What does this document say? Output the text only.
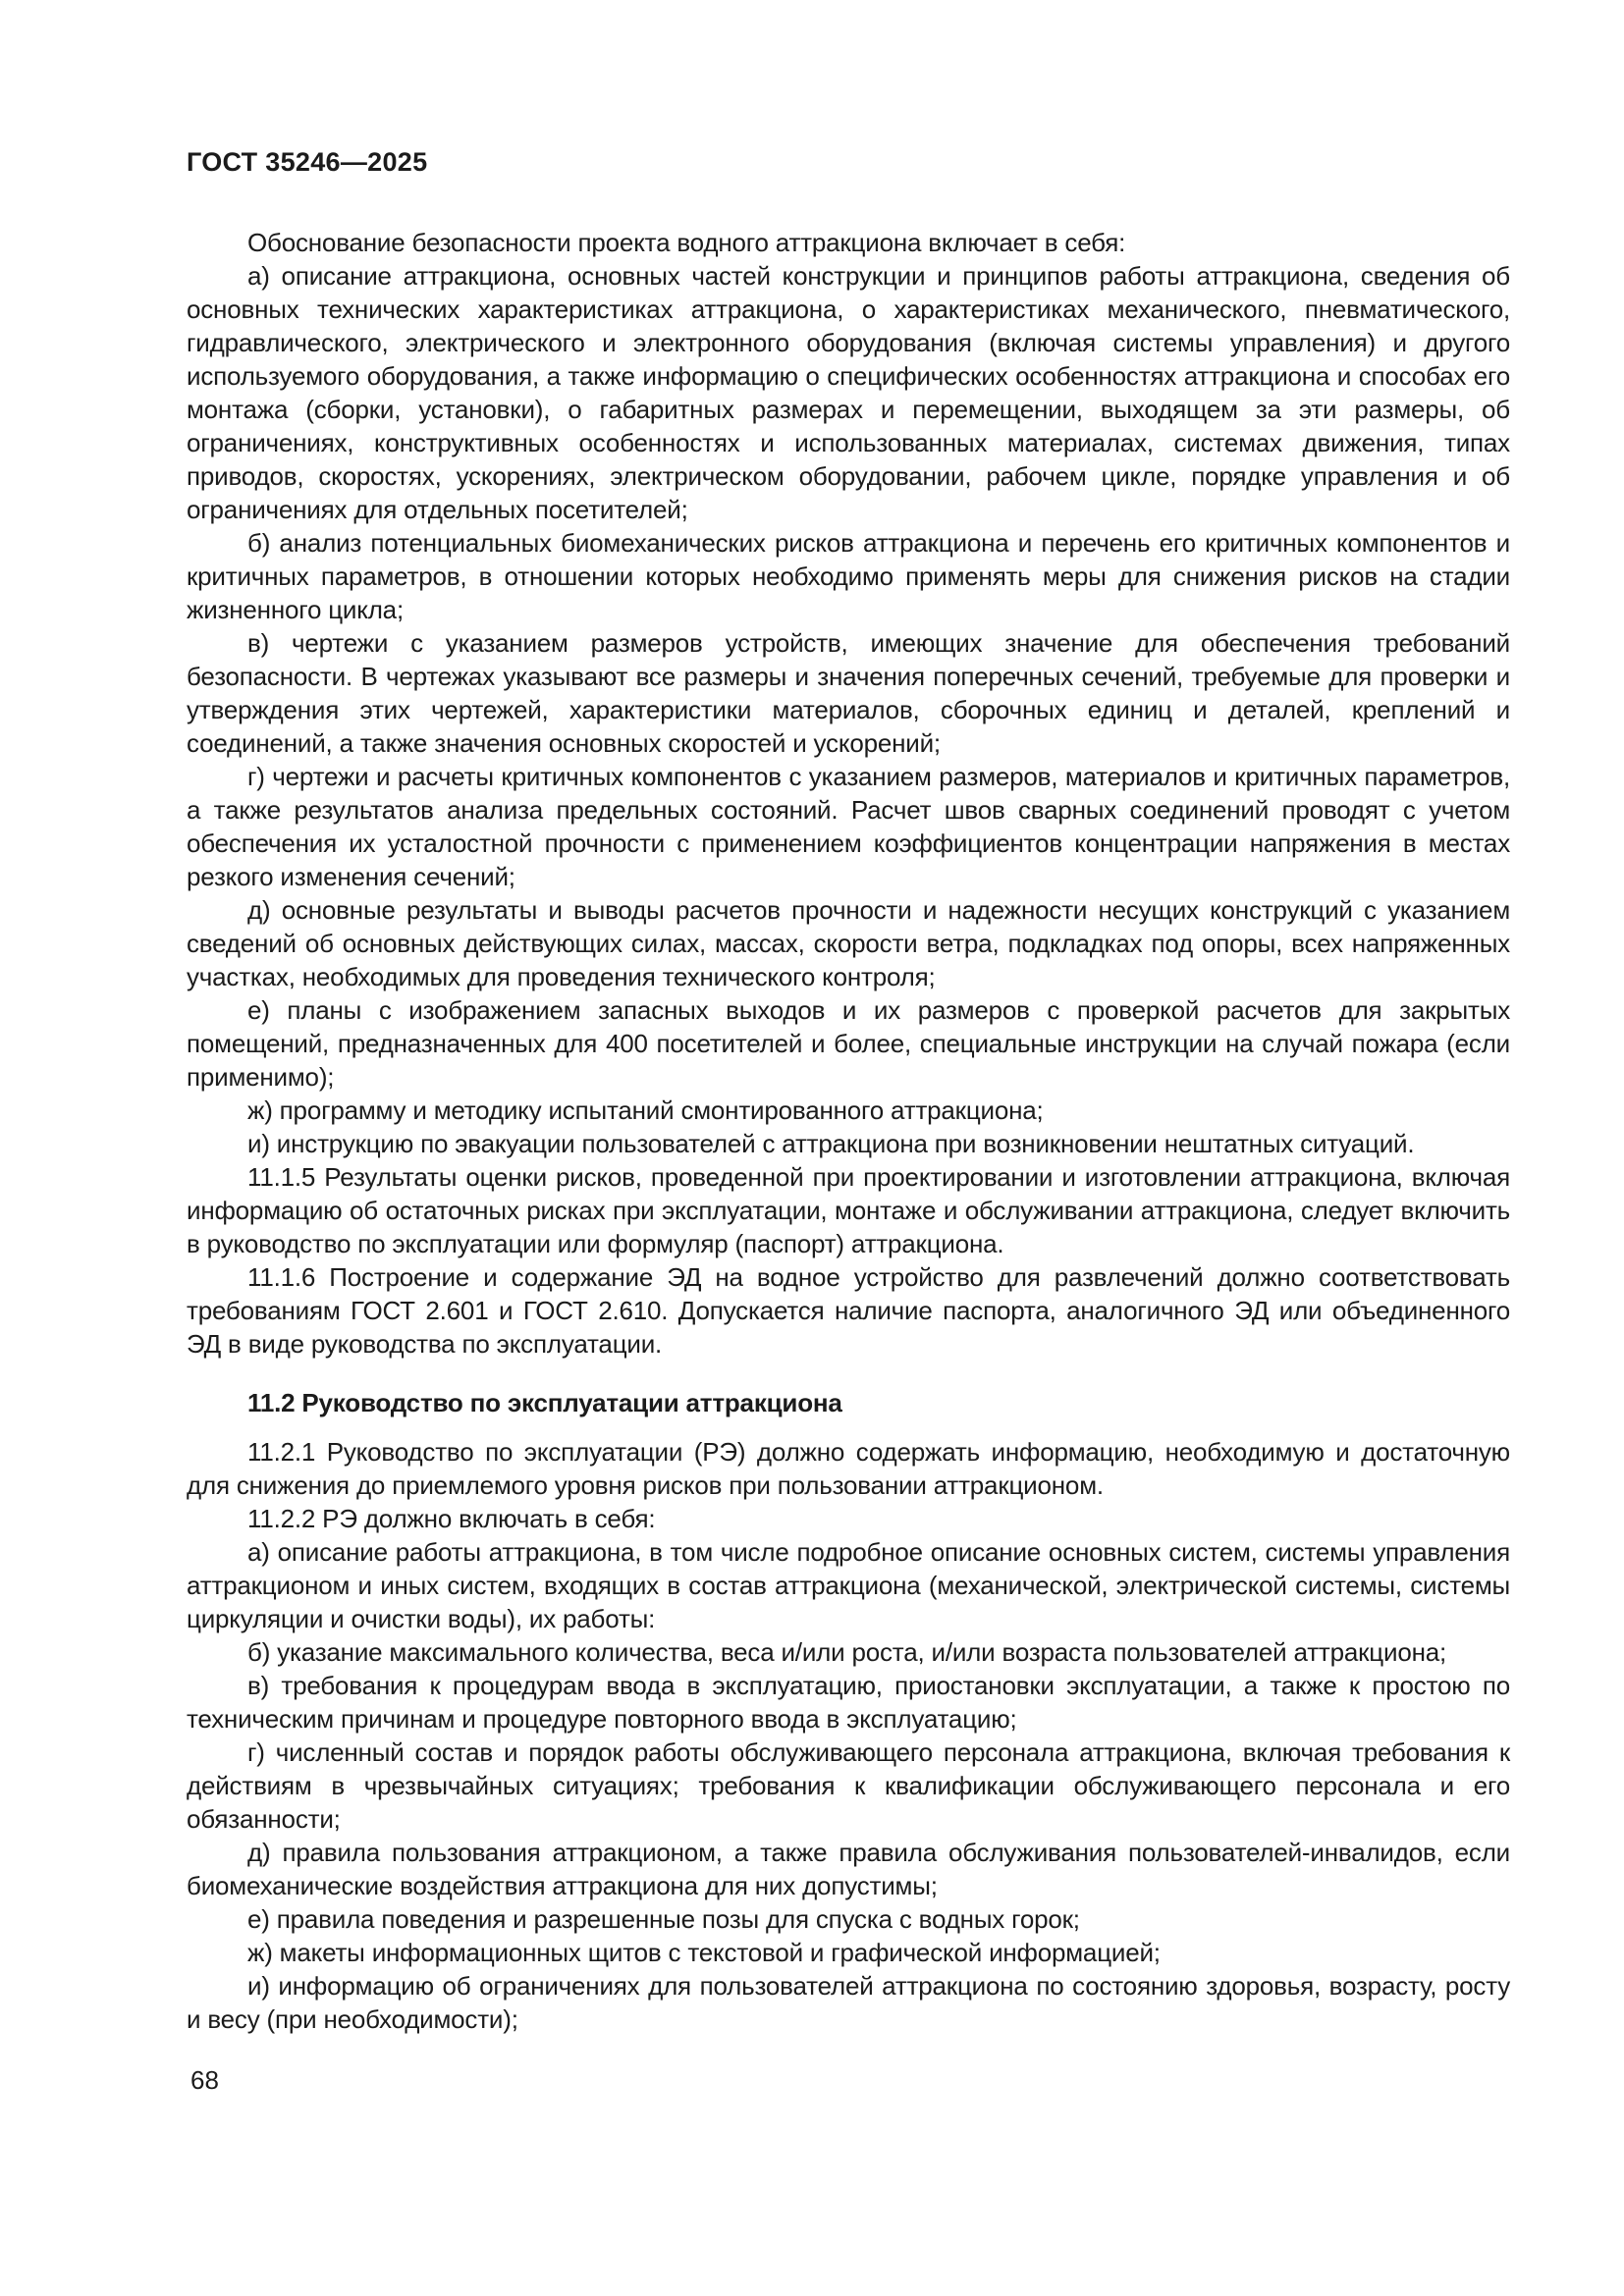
ГОСТ 35246—2025

Обоснование безопасности проекта водного аттракциона включает в себя:

а) описание аттракциона, основных частей конструкции и принципов работы аттракциона, сведения об основных технических характеристиках аттракциона, о характеристиках механического, пневматического, гидравлического, электрического и электронного оборудования (включая системы управления) и другого используемого оборудования, а также информацию о специфических особенностях аттракциона и способах его монтажа (сборки, установки), о габаритных размерах и перемещении, выходящем за эти размеры, об ограничениях, конструктивных особенностях и использованных материалах, системах движения, типах приводов, скоростях, ускорениях, электрическом оборудовании, рабочем цикле, порядке управления и об ограничениях для отдельных посетителей;

б) анализ потенциальных биомеханических рисков аттракциона и перечень его критичных компонентов и критичных параметров, в отношении которых необходимо применять меры для снижения рисков на стадии жизненного цикла;

в) чертежи с указанием размеров устройств, имеющих значение для обеспечения требований безопасности. В чертежах указывают все размеры и значения поперечных сечений, требуемые для проверки и утверждения этих чертежей, характеристики материалов, сборочных единиц и деталей, креплений и соединений, а также значения основных скоростей и ускорений;

г) чертежи и расчеты критичных компонентов с указанием размеров, материалов и критичных параметров, а также результатов анализа предельных состояний. Расчет швов сварных соединений проводят с учетом обеспечения их усталостной прочности с применением коэффициентов концентрации напряжения в местах резкого изменения сечений;

д) основные результаты и выводы расчетов прочности и надежности несущих конструкций с указанием сведений об основных действующих силах, массах, скорости ветра, подкладках под опоры, всех напряженных участках, необходимых для проведения технического контроля;

е) планы с изображением запасных выходов и их размеров с проверкой расчетов для закрытых помещений, предназначенных для 400 посетителей и более, специальные инструкции на случай пожара (если применимо);

ж) программу и методику испытаний смонтированного аттракциона;

и) инструкцию по эвакуации пользователей с аттракциона при возникновении нештатных ситуаций.

11.1.5 Результаты оценки рисков, проведенной при проектировании и изготовлении аттракциона, включая информацию об остаточных рисках при эксплуатации, монтаже и обслуживании аттракциона, следует включить в руководство по эксплуатации или формуляр (паспорт) аттракциона.

11.1.6 Построение и содержание ЭД на водное устройство для развлечений должно соответствовать требованиям ГОСТ 2.601 и ГОСТ 2.610. Допускается наличие паспорта, аналогичного ЭД или объединенного ЭД в виде руководства по эксплуатации.

11.2 Руководство по эксплуатации аттракциона

11.2.1 Руководство по эксплуатации (РЭ) должно содержать информацию, необходимую и достаточную для снижения до приемлемого уровня рисков при пользовании аттракционом.

11.2.2 РЭ должно включать в себя:

а) описание работы аттракциона, в том числе подробное описание основных систем, системы управления аттракционом и иных систем, входящих в состав аттракциона (механической, электрической системы, системы циркуляции и очистки воды), их работы:

б) указание максимального количества, веса и/или роста, и/или возраста пользователей аттракциона;

в) требования к процедурам ввода в эксплуатацию, приостановки эксплуатации, а также к простою по техническим причинам и процедуре повторного ввода в эксплуатацию;

г) численный состав и порядок работы обслуживающего персонала аттракциона, включая требования к действиям в чрезвычайных ситуациях; требования к квалификации обслуживающего персонала и его обязанности;

д) правила пользования аттракционом, а также правила обслуживания пользователей-инвалидов, если биомеханические воздействия аттракциона для них допустимы;

е) правила поведения и разрешенные позы для спуска с водных горок;

ж) макеты информационных щитов с текстовой и графической информацией;

и) информацию об ограничениях для пользователей аттракциона по состоянию здоровья, возрасту, росту и весу (при необходимости);

68
